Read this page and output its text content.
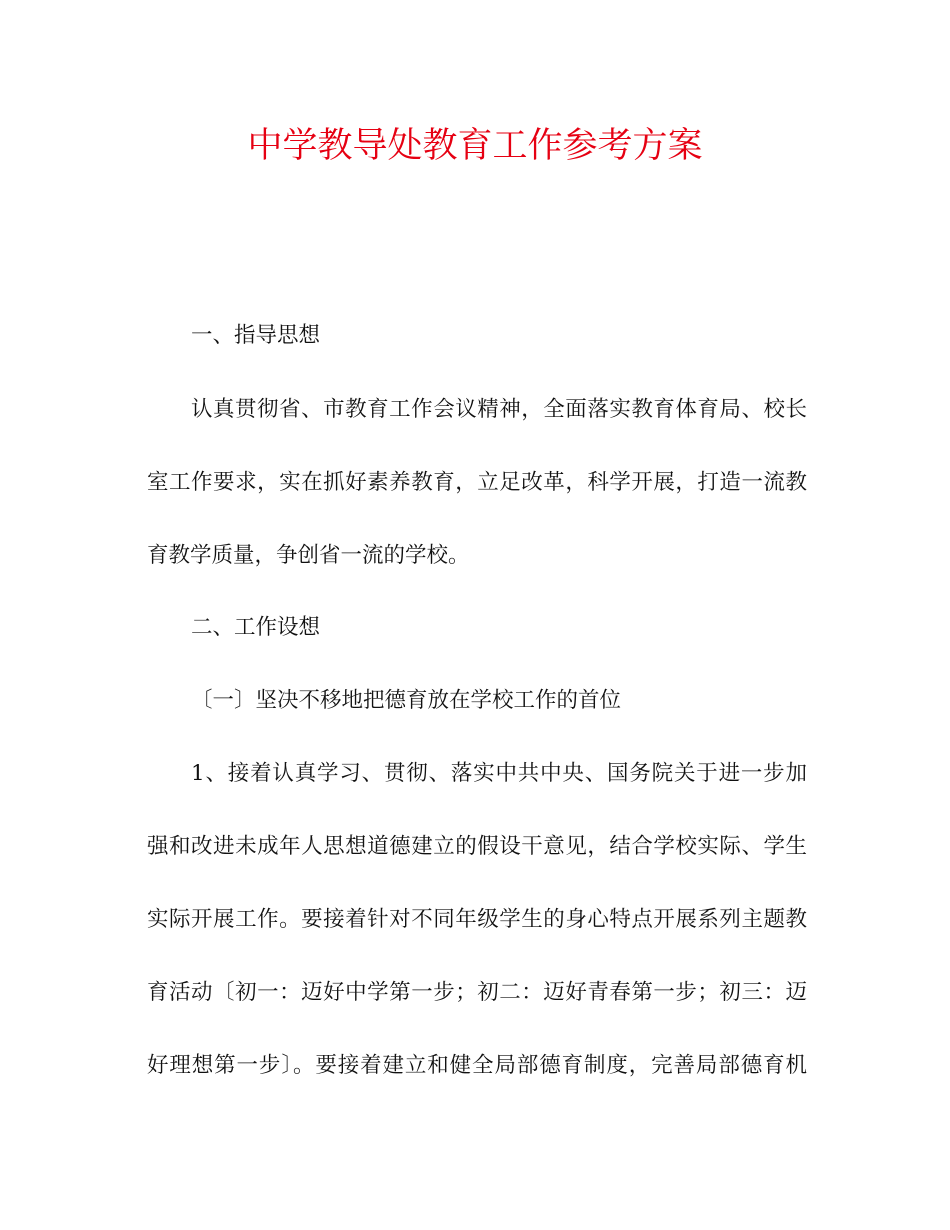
中学教导处教育工作参考方案

一、指导思想

认真贯彻省、市教育工作会议精神，全面落实教育体育局、校长

室工作要求，实在抓好素养教育，立足改革，科学开展，打造一流教

育教学质量，争创省一流的学校。

二、工作设想

〔一〕坚决不移地把德育放在学校工作的首位

1、接着认真学习、贯彻、落实中共中央、国务院关于进一步加

强和改进未成年人思想道德建立的假设干意见，结合学校实际、学生

实际开展工作。要接着针对不同年级学生的身心特点开展系列主题教

育活动〔初一：迈好中学第一步；初二：迈好青春第一步；初三：迈

好理想第一步〕。要接着建立和健全局部德育制度，完善局部德育机
